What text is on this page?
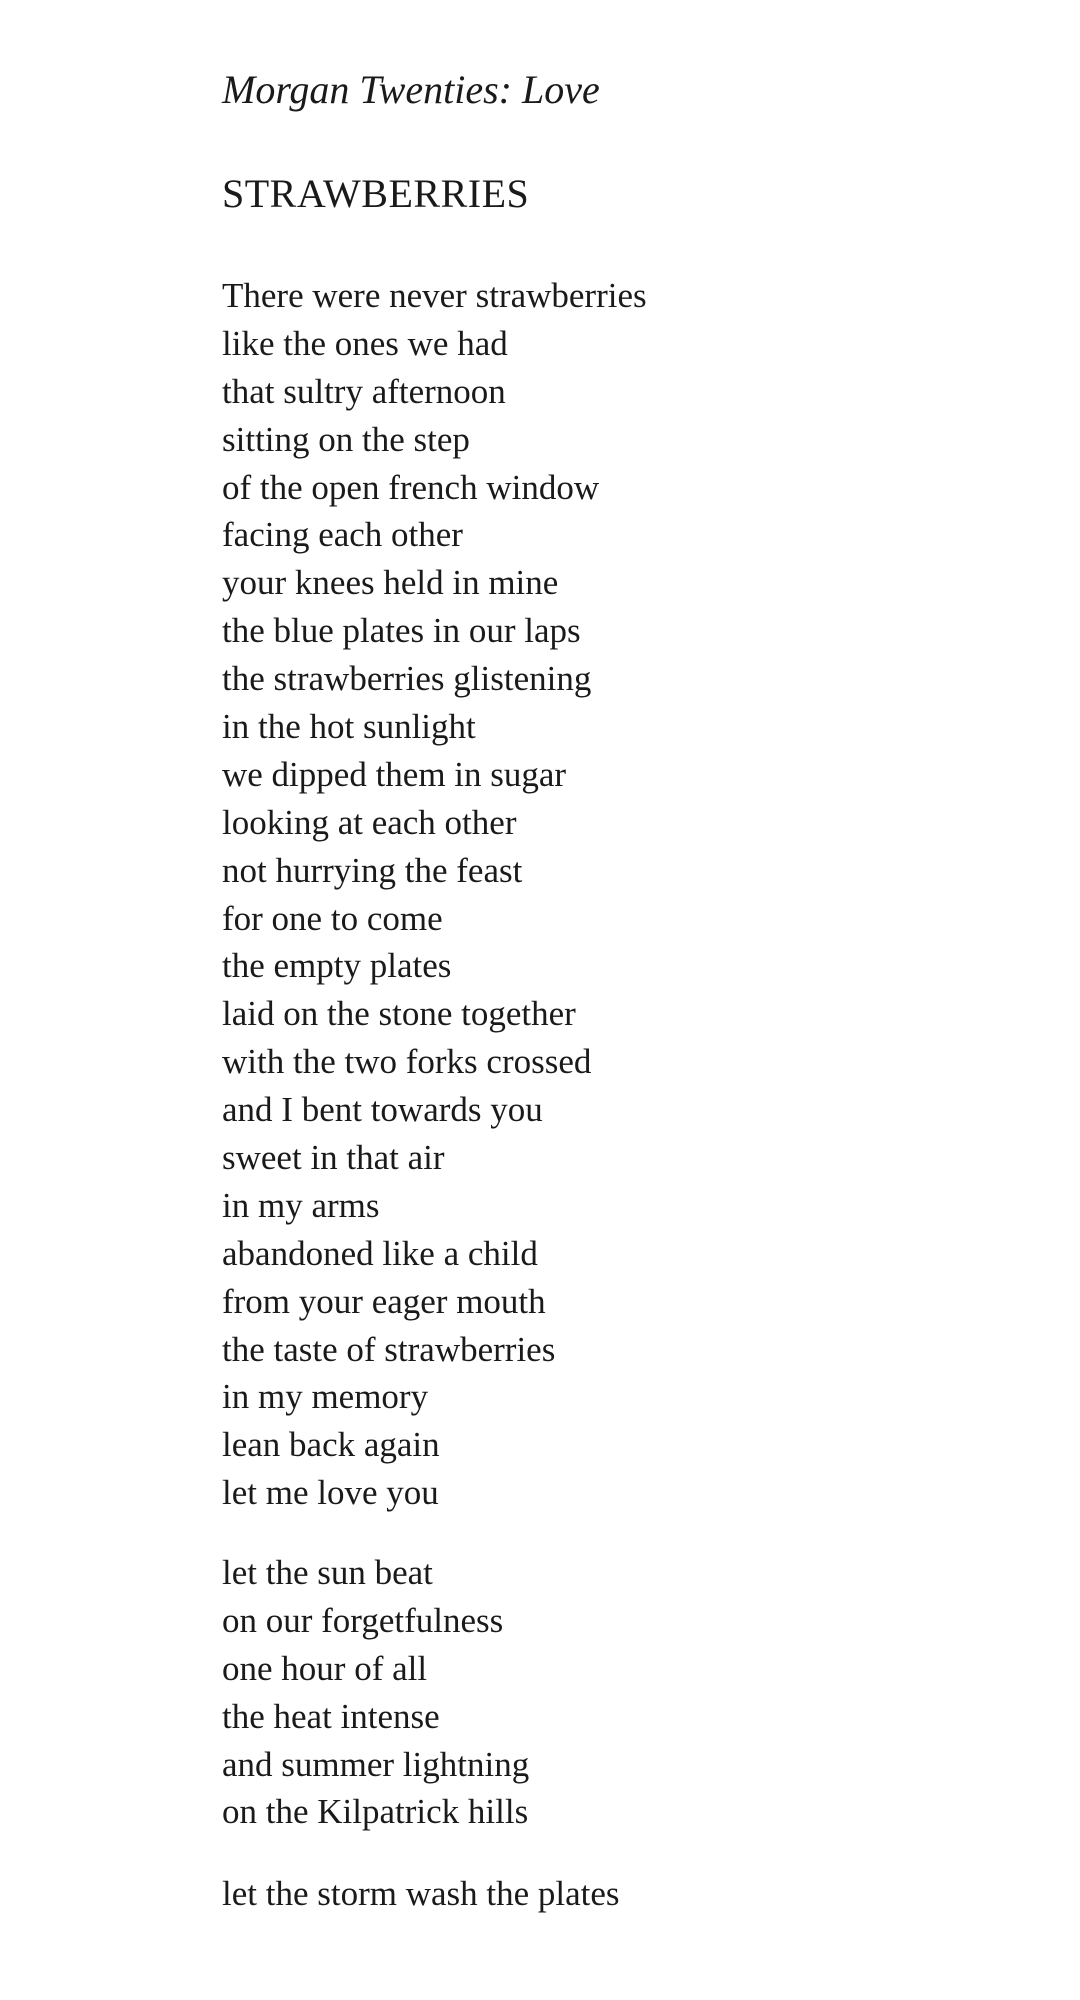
Morgan Twenties: Love
STRAWBERRIES
There were never strawberries
like the ones we had
that sultry afternoon
sitting on the step
of the open french window
facing each other
your knees held in mine
the blue plates in our laps
the strawberries glistening
in the hot sunlight
we dipped them in sugar
looking at each other
not hurrying the feast
for one to come
the empty plates
laid on the stone together
with the two forks crossed
and I bent towards you
sweet in that air
in my arms
abandoned like a child
from your eager mouth
the taste of strawberries
in my memory
lean back again
let me love you
let the sun beat
on our forgetfulness
one hour of all
the heat intense
and summer lightning
on the Kilpatrick hills
let the storm wash the plates
